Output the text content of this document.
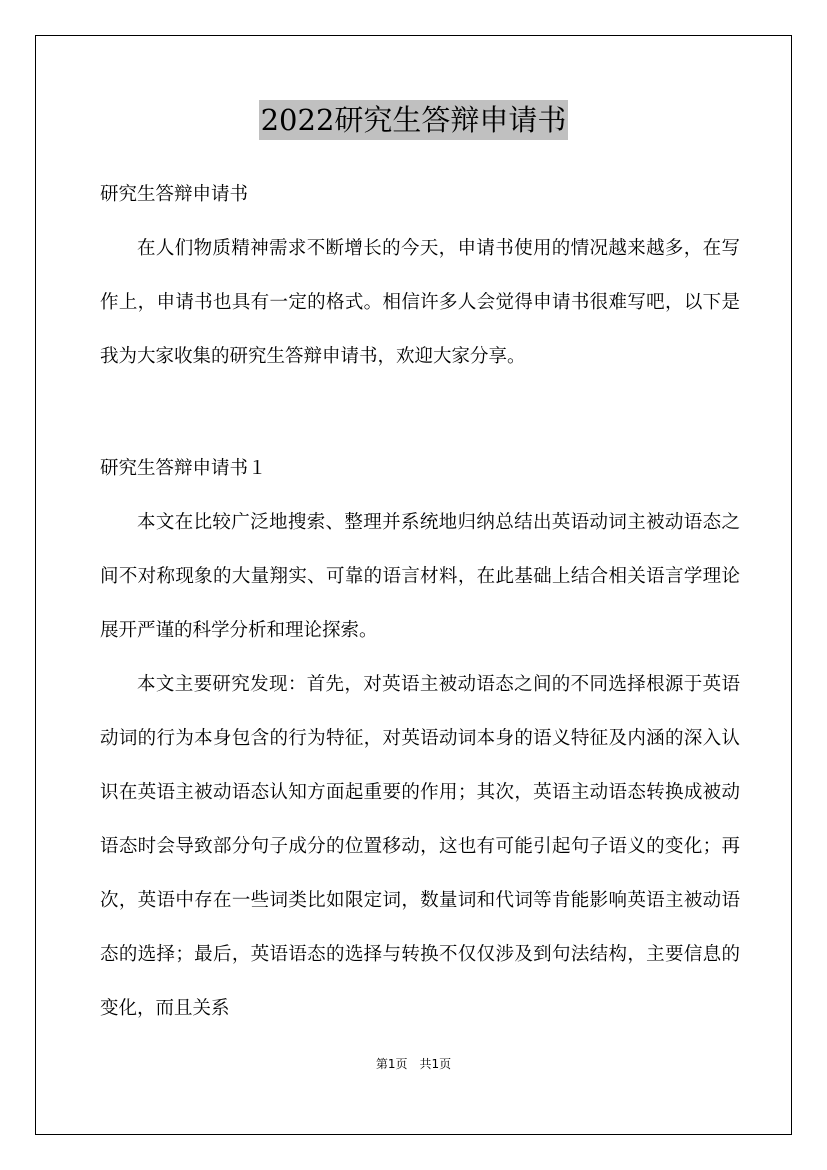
2022研究生答辩申请书

研究生答辩申请书

在人们物质精神需求不断增长的今天，申请书使用的情况越来越多，在写作上，申请书也具有一定的格式。相信许多人会觉得申请书很难写吧，以下是我为大家收集的研究生答辩申请书，欢迎大家分享。

研究生答辩申请书１

本文在比较广泛地搜索、整理并系统地归纳总结出英语动词主被动语态之间不对称现象的大量翔实、可靠的语言材料，在此基础上结合相关语言学理论展开严谨的科学分析和理论探索。

本文主要研究发现：首先，对英语主被动语态之间的不同选择根源于英语动词的行为本身包含的行为特征，对英语动词本身的语义特征及内涵的深入认识在英语主被动语态认知方面起重要的作用；其次，英语主动语态转换成被动语态时会导致部分句子成分的位置移动，这也有可能引起句子语义的变化；再次，英语中存在一些词类比如限定词，数量词和代词等肯能影响英语主被动语态的选择；最后，英语语态的选择与转换不仅仅涉及到句法结构，主要信息的变化，而且关系

第1页　共1页
